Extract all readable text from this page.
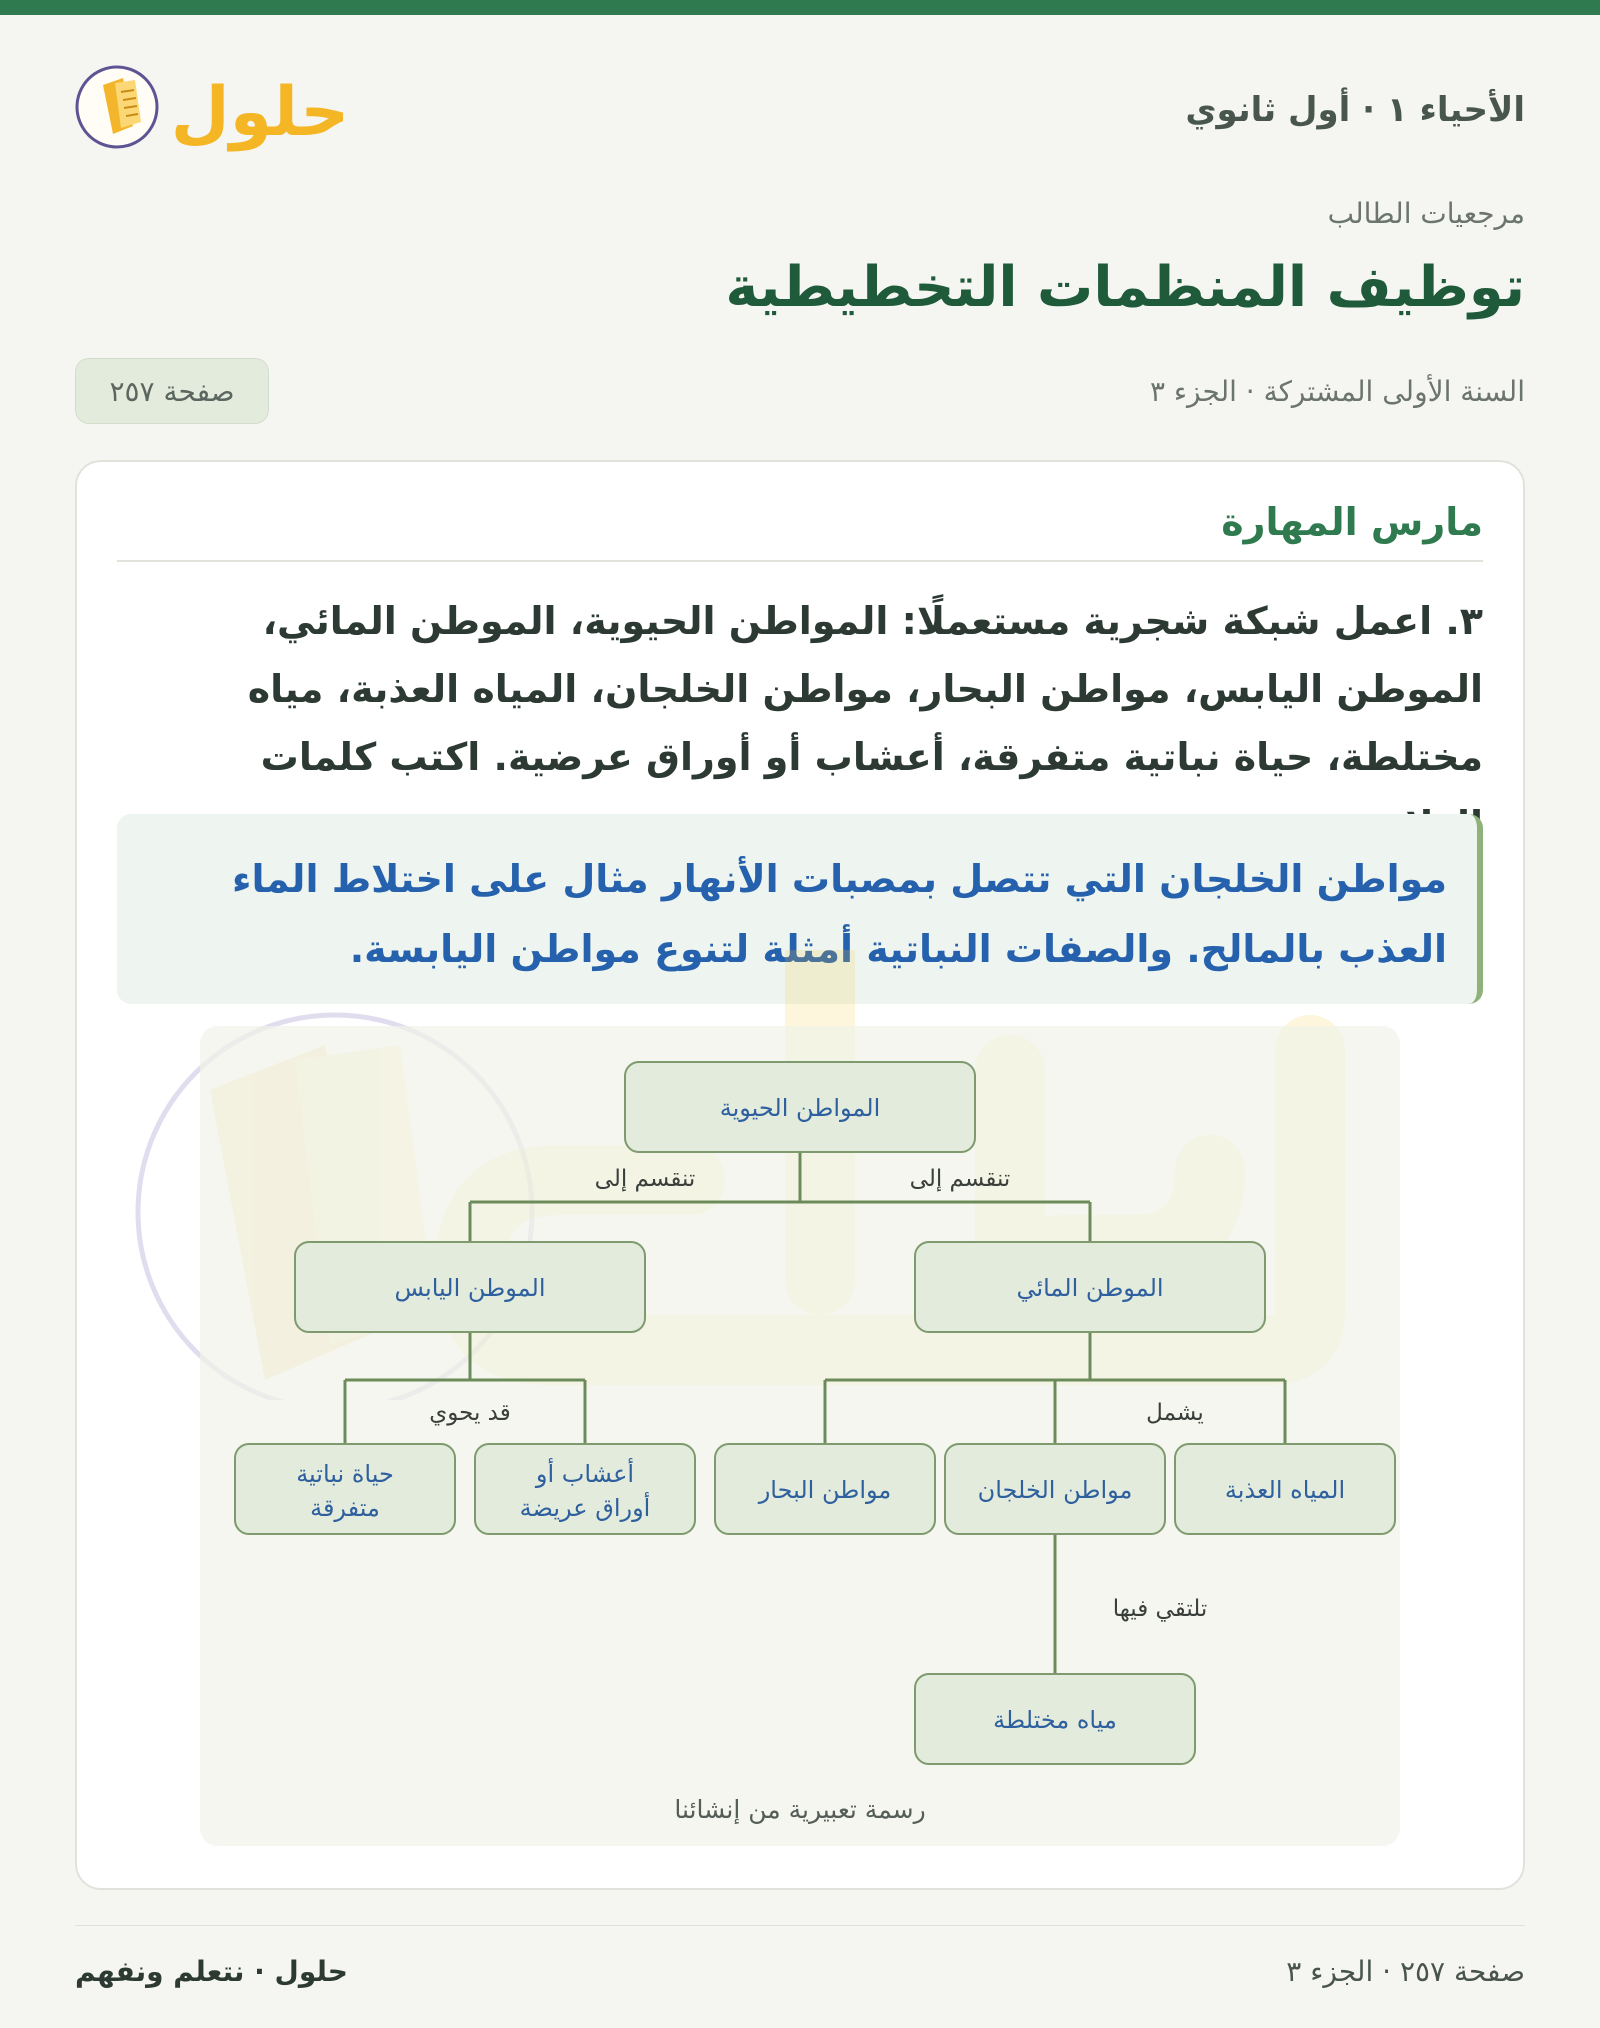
الأحياء ١ · أول ثانوي
حلول
مرجعيات الطالب
توظيف المنظمات التخطيطية
السنة الأولى المشتركة · الجزء ٣
صفحة ٢٥٧
مارس المهارة

٣. اعمل شبكة شجرية مستعملًا: المواطن الحيوية، الموطن المائي، الموطن اليابس، مواطن البحار، مواطن الخلجان، المياه العذبة، مياه مختلطة، حياة نباتية متفرقة، أعشاب أو أوراق عرضية. اكتب كلمات

مواطن الخلجان التي تتصل بمصبات الأنهار مثال على اختلاط الماء العذب بالمالح. والصفات النباتية أمثلة لتنوع مواطن اليابسة.
المواطن الحيوية
الموطن المائي
الموطن اليابس
المياه العذبة
مواطن الخلجان
مواطن البحار
أعشاب أو
أوراق عريضة
حياة نباتية
متفرقة
مياه مختلطة
تنقسم إلى
تنقسم إلى
يشمل
قد يحوي
تلتقي فيها
رسمة تعبيرية من إنشائنا
صفحة ٢٥٧ · الجزء ٣
حلول · نتعلم ونفهم
